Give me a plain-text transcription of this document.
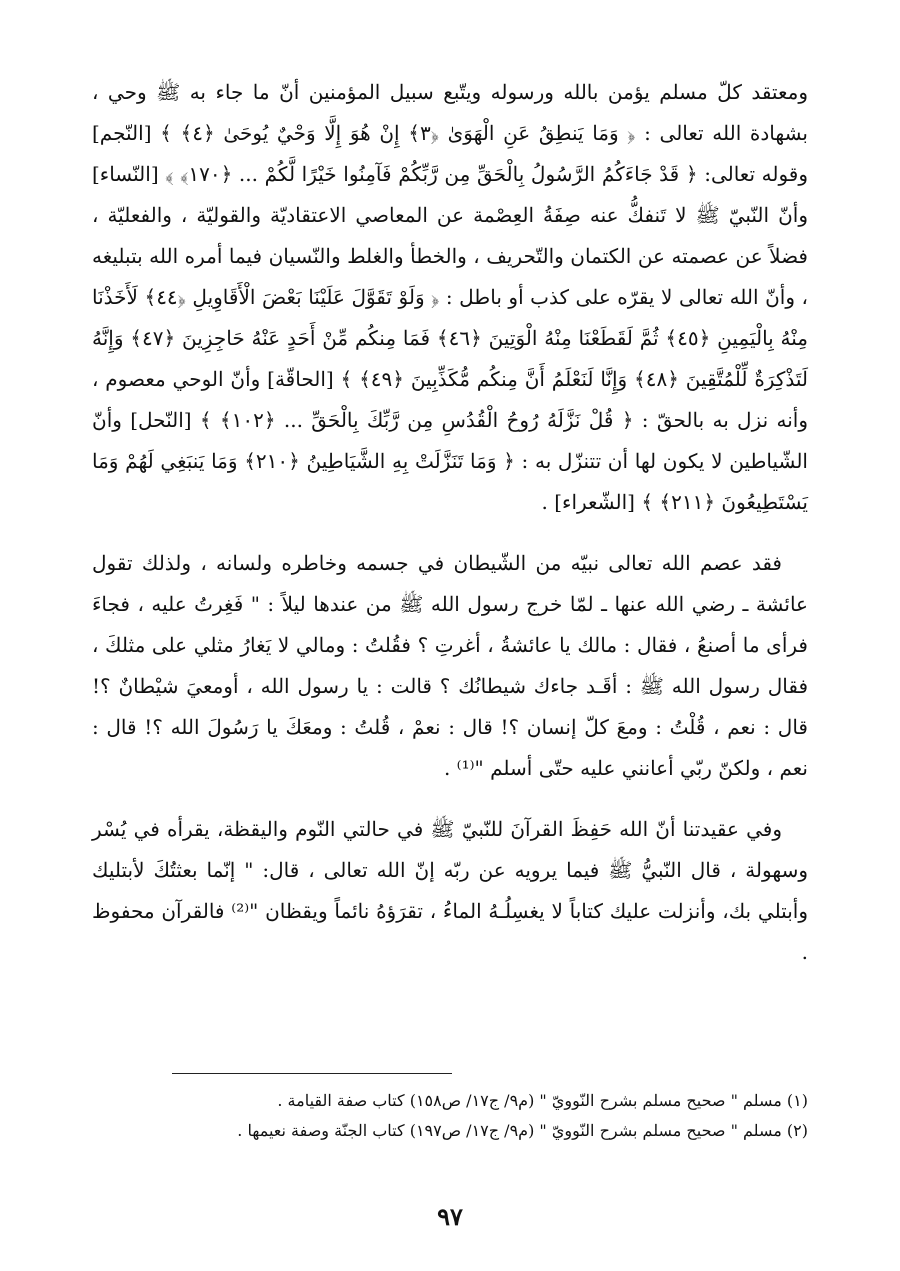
ومعتقد كلّ مسلم يؤمن بالله ورسوله ويتّبع سبيل المؤمنين أنّ ما جاء به ﷺ وحي ، بشهادة الله تعالى : ﴿ وَمَا يَنطِقُ عَنِ الْهَوَىٰ ﴿٣﴾ إِنْ هُوَ إِلَّا وَحْيٌ يُوحَىٰ ﴿٤﴾ ﴾ [النّجم] وقوله تعالى: ﴿ قَدْ جَاءَكُمُ الرَّسُولُ بِالْحَقِّ مِن رَّبِّكُمْ فَآمِنُوا خَيْرًا لَّكُمْ ... ﴿١٧٠﴾ ﴾ [النّساء] وأنّ النّبيّ ﷺ لا تَنفكُّ عنه صِفَةُ العِصْمة عن المعاصي الاعتقاديّة والقوليّة ، والفعليّة ، فضلاً عن عصمته عن الكتمان والتّحريف ، والخطأ والغلط والنّسيان فيما أمره الله بتبليغه ، وأنّ الله تعالى لا يقرّه على كذب أو باطل : ﴿ وَلَوْ تَقَوَّلَ عَلَيْنَا بَعْضَ الْأَقَاوِيلِ ﴿٤٤﴾ لَأَخَذْنَا مِنْهُ بِالْيَمِينِ ﴿٤٥﴾ ثُمَّ لَقَطَعْنَا مِنْهُ الْوَتِينَ ﴿٤٦﴾ فَمَا مِنكُم مِّنْ أَحَدٍ عَنْهُ حَاجِزِينَ ﴿٤٧﴾ وَإِنَّهُ لَتَذْكِرَةٌ لِّلْمُتَّقِينَ ﴿٤٨﴾ وَإِنَّا لَنَعْلَمُ أَنَّ مِنكُم مُّكَذِّبِينَ ﴿٤٩﴾ ﴾ [الحاقّة] وأنّ الوحي معصوم ، وأنه نزل به بالحقّ : ﴿ قُلْ نَزَّلَهُ رُوحُ الْقُدُسِ مِن رَّبِّكَ بِالْحَقِّ ... ﴿١٠٢﴾ ﴾ [النّحل] وأنّ الشّياطين لا يكون لها أن تتنزّل به : ﴿ وَمَا تَنَزَّلَتْ بِهِ الشَّيَاطِينُ ﴿٢١٠﴾ وَمَا يَنبَغِي لَهُمْ وَمَا يَسْتَطِيعُونَ ﴿٢١١﴾ ﴾ [الشّعراء] .

فقد عصم الله تعالى نبيّه من الشّيطان في جسمه وخاطره ولسانه ، ولذلك تقول عائشة ـ رضي الله عنها ـ لمّا خرج رسول الله ﷺ من عندها ليلاً : " فَغِرتُ عليه ، فجاءَ فرأى ما أصنعُ ، فقال : مالك يا عائشةُ ، أغرتِ ؟ فقُلتُ : ومالي لا يَغارُ مثلي على مثلكَ ، فقال رسول الله ﷺ : أقَـد جاءك شيطانُك ؟ قالت : يا رسول الله ، أومعيَ شيْطانٌ ؟! قال : نعم ، قُلْتُ : ومعَ كلّ إنسان ؟! قال : نعمْ ، قُلتُ : ومعَكَ يا رَسُولَ الله ؟! قال : نعم ، ولكنّ ربّي أعانني عليه حتّى أسلم "⁽¹⁾ .

وفي عقيدتنا أنّ الله حَفِظَ القرآنَ للنّبيّ ﷺ في حالتي النّوم واليقظة، يقرأه في يُسْر وسهولة ، قال النّبيُّ ﷺ فيما يرويه عن ربّه إنّ الله تعالى ، قال: " إنّما بعثتُكَ لأبتليك وأبتلي بك، وأنزلت عليك كتاباً لا يغسِلُـهُ الماءُ ، تقرَؤهُ نائماً ويقظان "⁽²⁾ فالقرآن محفوظ .

(١) مسلم " صحيح مسلم بشرح النّوويّ " (م٩/ ج١٧/ ص١٥٨) كتاب صفة القيامة .

(٢) مسلم " صحيح مسلم بشرح النّوويّ " (م٩/ ج١٧/ ص١٩٧) كتاب الجنّة وصفة نعيمها .

٩٧
